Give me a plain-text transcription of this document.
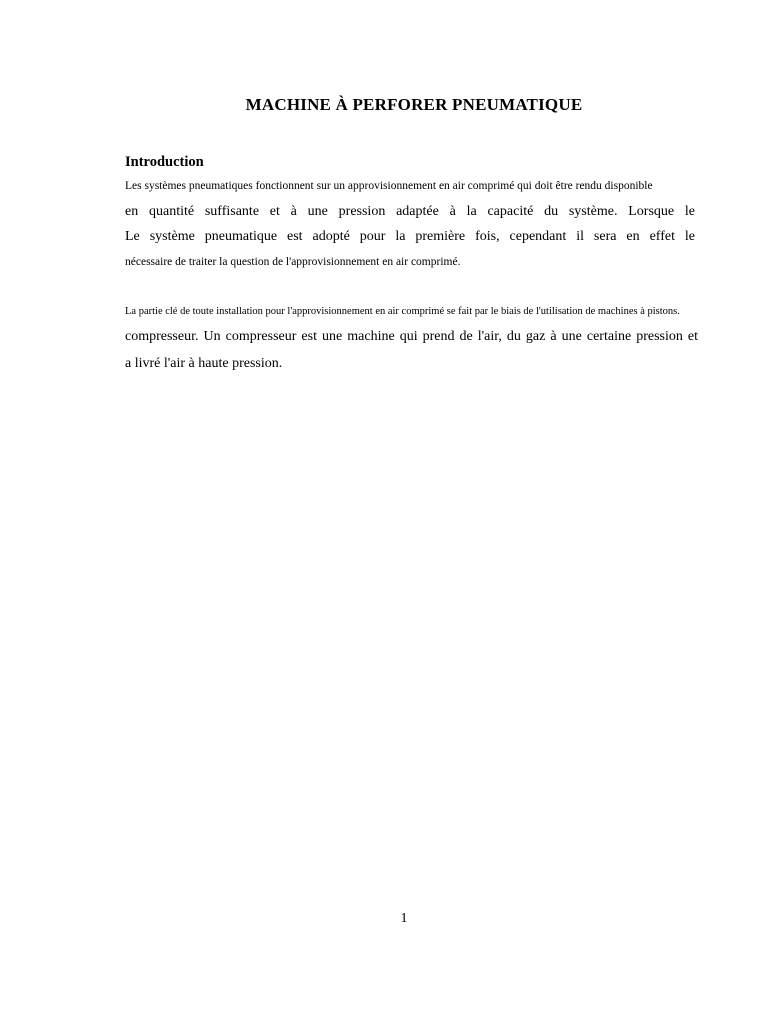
MACHINE À PERFORER PNEUMATIQUE
Introduction
Les systèmes pneumatiques fonctionnent sur un approvisionnement en air comprimé qui doit être rendu disponible
en quantité suffisante et à une pression adaptée à la capacité du système. Lorsque le
Le système pneumatique est adopté pour la première fois, cependant il sera en effet le
nécessaire de traiter la question de l'approvisionnement en air comprimé.
La partie clé de toute installation pour l'approvisionnement en air comprimé se fait par le biais de l'utilisation de machines à pistons.
compresseur. Un compresseur est une machine qui prend de l'air, du gaz à une certaine pression et
a livré l'air à haute pression.
1
